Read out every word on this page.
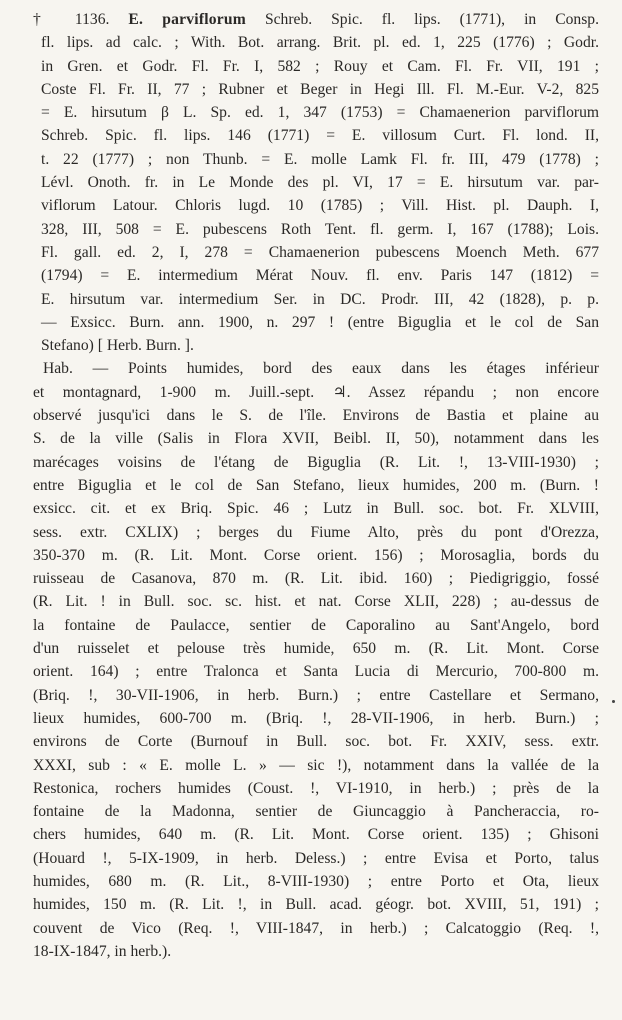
† 1136. E. parviflorum Schreb. Spic. fl. lips. (1771), in Consp.
fl. lips. ad calc. ; With. Bot. arrang. Brit. pl. ed. 1, 225 (1776) ; Godr.
in Gren. et Godr. Fl. Fr. I, 582 ; Rouy et Cam. Fl. Fr. VII, 191 ;
Coste Fl. Fr. II, 77 ; Rubner et Beger in Hegi Ill. Fl. M.-Eur. V-2, 825
= E. hirsutum β L. Sp. ed. 1, 347 (1753) = Chamaenerion parviflorum
Schreb. Spic. fl. lips. 146 (1771) = E. villosum Curt. Fl. lond. II,
t. 22 (1777) ; non Thunb. = E. molle Lamk Fl. fr. III, 479 (1778) ;
Lévl. Onoth. fr. in Le Monde des pl. VI, 17 = E. hirsutum var. par-
viflorum Latour. Chloris lugd. 10 (1785) ; Vill. Hist. pl. Dauph. I,
328, III, 508 = E. pubescens Roth Tent. fl. germ. I, 167 (1788); Lois.
Fl. gall. ed. 2, I, 278 = Chamaenerion pubescens Moench Meth. 677
(1794) = E. intermedium Mérat Nouv. fl. env. Paris 147 (1812) =
E. hirsutum var. intermedium Ser. in DC. Prodr. III, 42 (1828), p. p.
— Exsicc. Burn. ann. 1900, n. 297 ! (entre Biguglia et le col de San
Stefano) [ Herb. Burn. ].

Hab. — Points humides, bord des eaux dans les étages inférieur
et montagnard, 1-900 m. Juill.-sept. ♃. Assez répandu ; non encore
observé jusqu'ici dans le S. de l'île. Environs de Bastia et plaine au
S. de la ville (Salis in Flora XVII, Beibl. II, 50), notamment dans les
marécages voisins de l'étang de Biguglia (R. Lit. !, 13-VIII-1930) ;
entre Biguglia et le col de San Stefano, lieux humides, 200 m. (Burn. !
exsicc. cit. et ex Briq. Spic. 46 ; Lutz in Bull. soc. bot. Fr. XLVIII,
sess. extr. CXLIX) ; berges du Fiume Alto, près du pont d'Orezza,
350-370 m. (R. Lit. Mont. Corse orient. 156) ; Morosaglia, bords du
ruisseau de Casanova, 870 m. (R. Lit. ibid. 160) ; Piedigriggio, fossé
(R. Lit. ! in Bull. soc. sc. hist. et nat. Corse XLII, 228) ; au-dessus de
la fontaine de Paulacce, sentier de Caporalino au Sant'Angelo, bord
d'un ruisselet et pelouse très humide, 650 m. (R. Lit. Mont. Corse
orient. 164) ; entre Tralonca et Santa Lucia di Mercurio, 700-800 m.
(Briq. !, 30-VII-1906, in herb. Burn.) ; entre Castellare et Sermano,
lieux humides, 600-700 m. (Briq. !, 28-VII-1906, in herb. Burn.) ;
environs de Corte (Burnouf in Bull. soc. bot. Fr. XXIV, sess. extr.
XXXI, sub : « E. molle L. » — sic !), notamment dans la vallée de la
Restonica, rochers humides (Coust. !, VI-1910, in herb.) ; près de la
fontaine de la Madonna, sentier de Giuncaggio à Pancheraccia, ro-
chers humides, 640 m. (R. Lit. Mont. Corse orient. 135) ; Ghisoni
(Houard !, 5-IX-1909, in herb. Deless.) ; entre Evisa et Porto, talus
humides, 680 m. (R. Lit., 8-VIII-1930) ; entre Porto et Ota, lieux
humides, 150 m. (R. Lit. !, in Bull. acad. géogr. bot. XVIII, 51, 191) ;
couvent de Vico (Req. !, VIII-1847, in herb.) ; Calcatoggio (Req. !,
18-IX-1847, in herb.).
